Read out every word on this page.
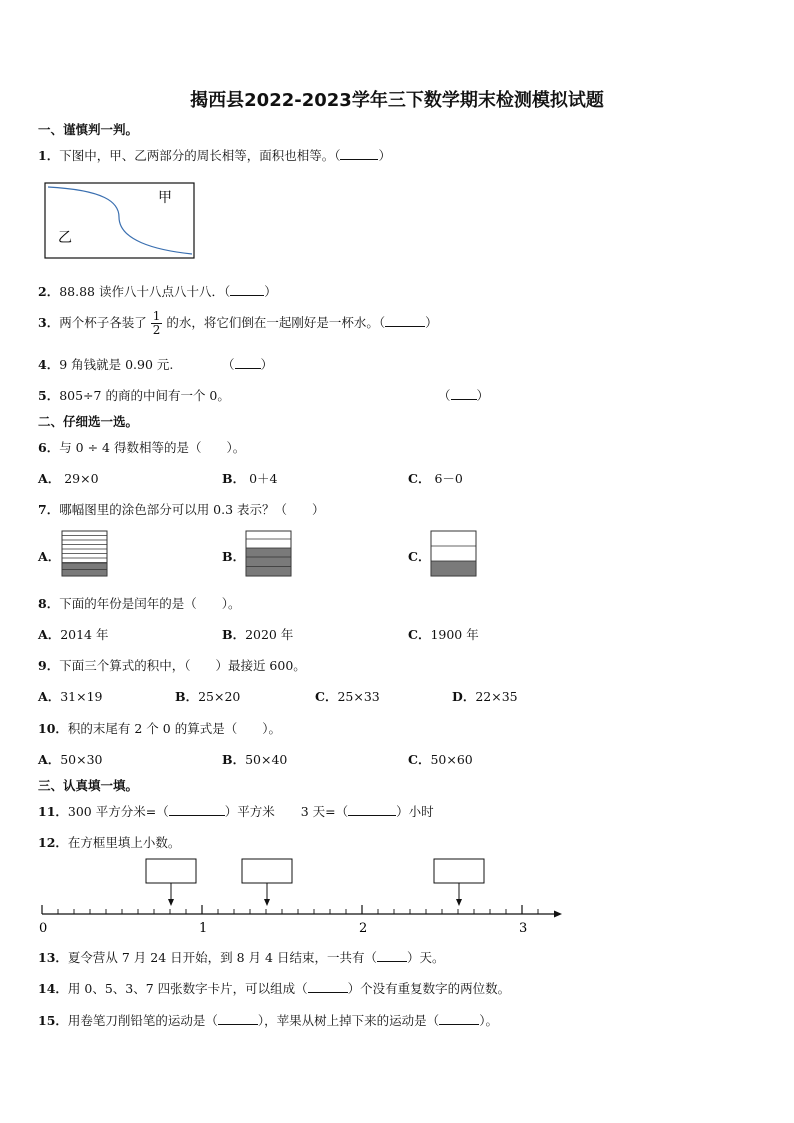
揭西县2022-2023学年三下数学期末检测模拟试题
一、谨慎判一判。
1．下图中，甲、乙两部分的周长相等，面积也相等。（	）
甲
乙
2．88.88 读作八十八点八十八．（	）
3．两个杯子各装了 $\frac{1}{2}$ 的水，将它们倒在一起刚好是一杯水。（	）
4．9 角钱就是 0.90 元.	（ ）
5．805÷7 的商的中间有一个 0。	（ ）
二、仔细选一选。
6．与 0 ÷ 4 得数相等的是（　　）。
A． 29×0	B． 0＋4	C． 6－0
7．哪幅图里的涂色部分可以用 0.3 表示？（　　）
A．	B．	C．
8．下面的年份是闰年的是（　　）。
A．2014 年	B．2020 年	C．1900 年
9．下面三个算式的积中，（　　）最接近 600。
A．31×19	B．25×20	C．25×33	D．22×35
10．积的末尾有 2 个 0 的算式是（　　）。
A．50×30	B．50×40	C．50×60
三、认真填一填。
11．300 平方分米=（	）平方米 3 天=（	）小时
12．在方框里填上小数。
0	1	2	3
13．夏令营从 7 月 24 日开始，到 8 月 4 日结束，一共有（ ）天。
14．用 0、5、3、7 四张数字卡片，可以组成（	）个没有重复数字的两位数。
15．用卷笔刀削铅笔的运动是（	），苹果从树上掉下来的运动是（	）。
